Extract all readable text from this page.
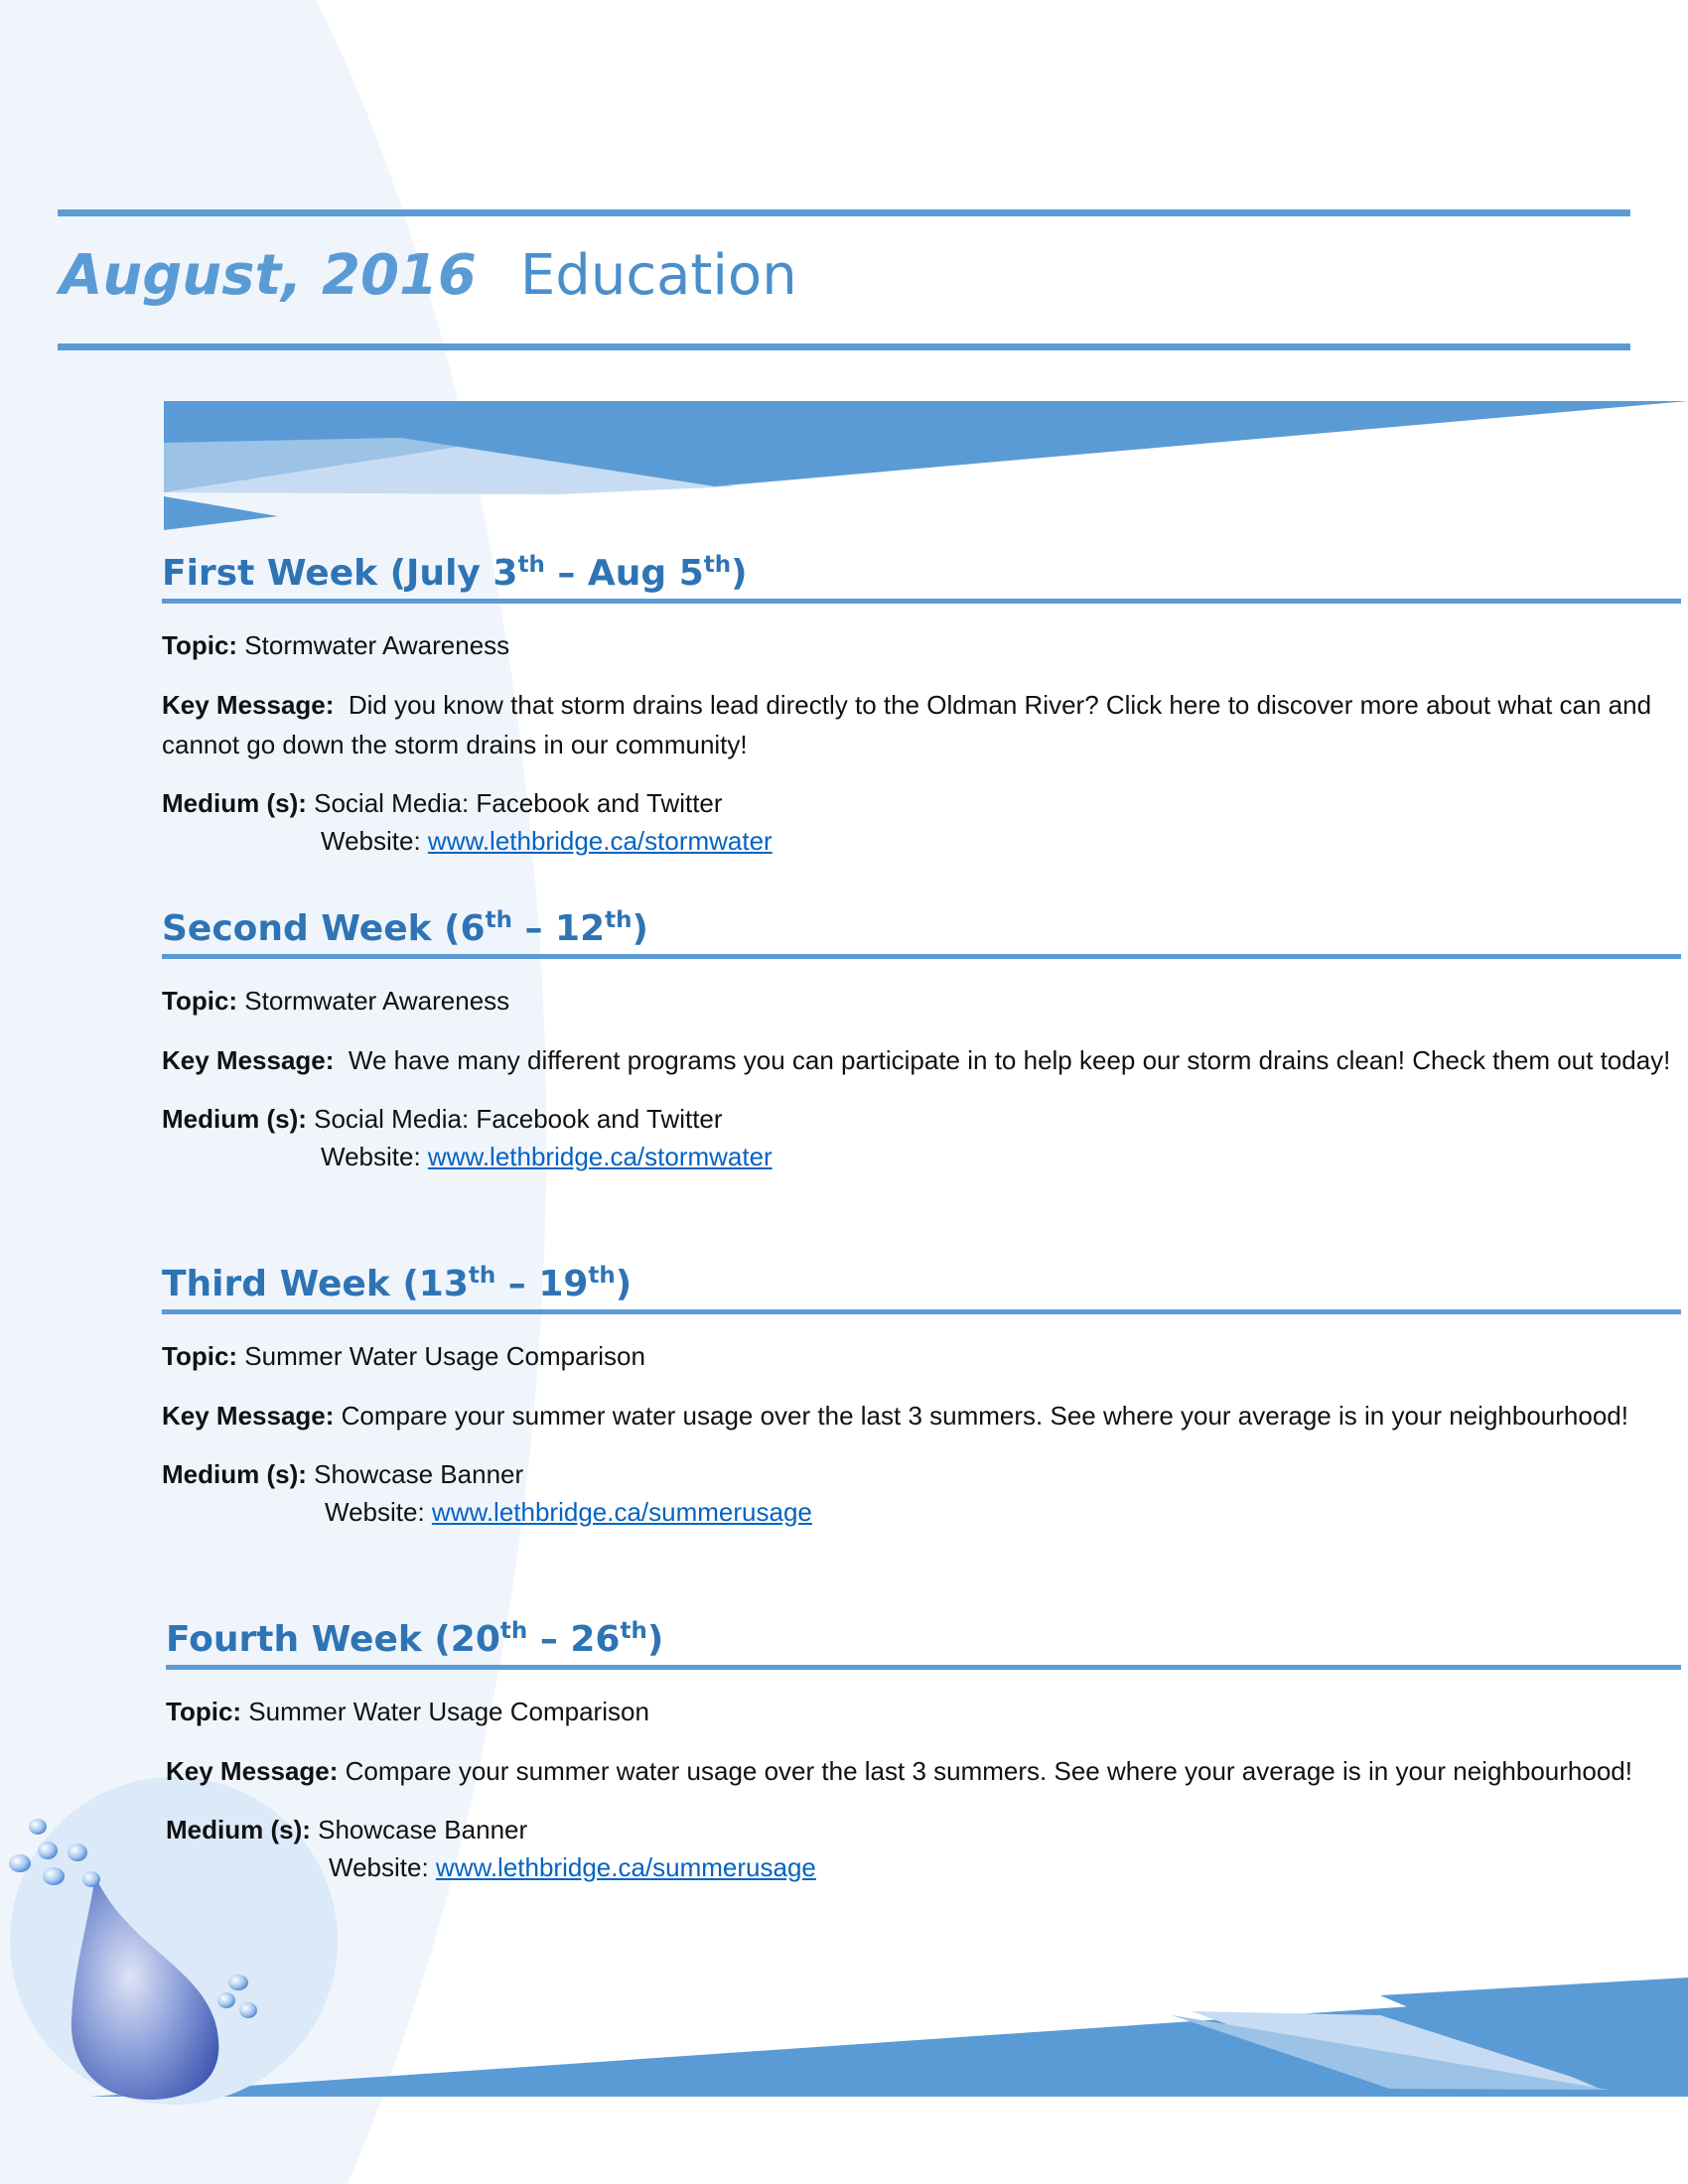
August, 2016 Education
First Week (July 3th – Aug 5th)

Topic: Stormwater Awareness

Key Message: Did you know that storm drains lead directly to the Oldman River? Click here to discover more about what can and cannot go down the storm drains in our community!

Medium (s): Social Media: Facebook and Twitter
Website: www.lethbridge.ca/stormwater

Second Week (6th – 12th)

Topic: Stormwater Awareness

Key Message: We have many different programs you can participate in to help keep our storm drains clean! Check them out today!

Medium (s): Social Media: Facebook and Twitter
Website: www.lethbridge.ca/stormwater

Third Week (13th – 19th)

Topic: Summer Water Usage Comparison

Key Message: Compare your summer water usage over the last 3 summers. See where your average is in your neighbourhood!

Medium (s): Showcase Banner
Website: www.lethbridge.ca/summerusage

Fourth Week (20th – 26th)

Topic: Summer Water Usage Comparison

Key Message: Compare your summer water usage over the last 3 summers. See where your average is in your neighbourhood!

Medium (s): Showcase Banner
Website: www.lethbridge.ca/summerusage
